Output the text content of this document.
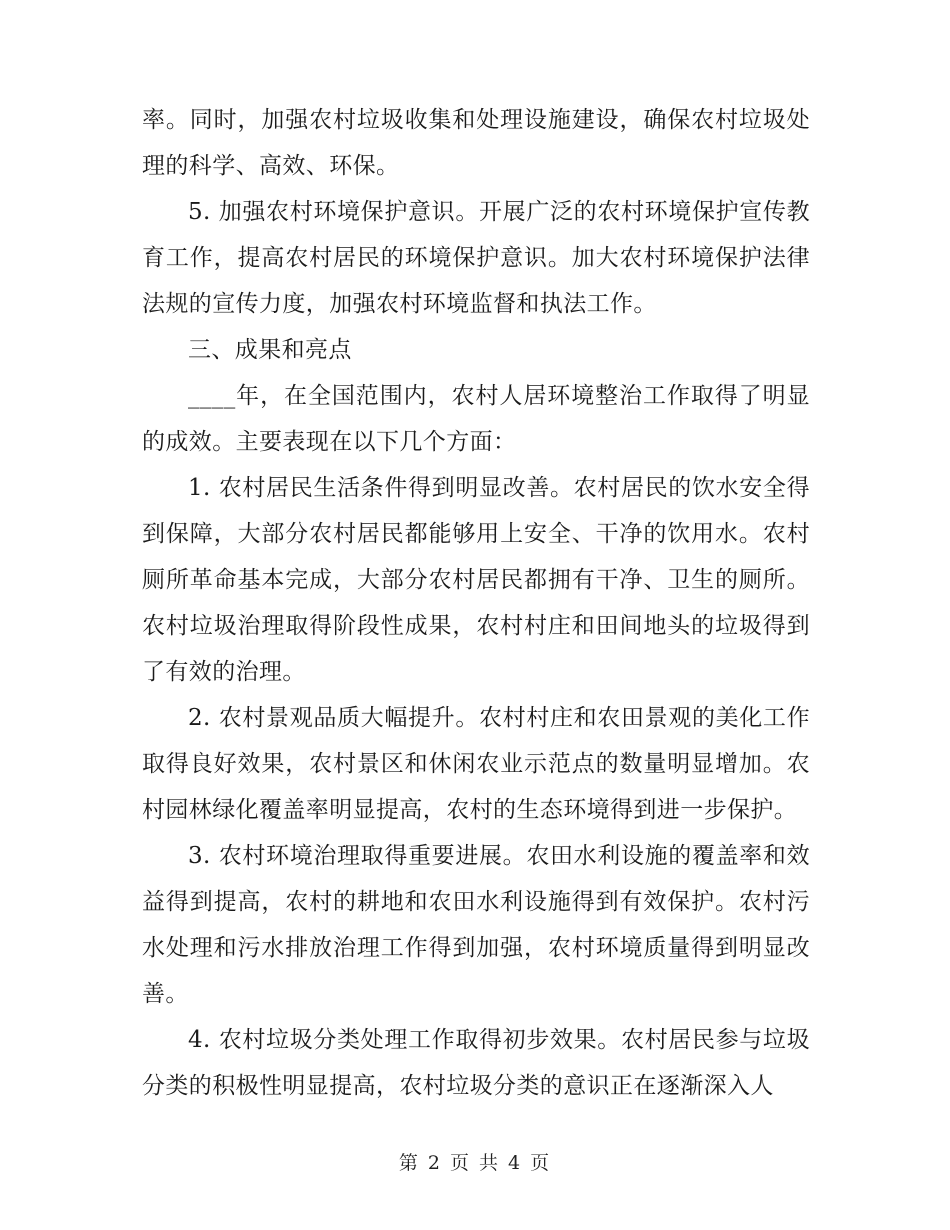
率。同时，加强农村垃圾收集和处理设施建设，确保农村垃圾处理的科学、高效、环保。

5. 加强农村环境保护意识。开展广泛的农村环境保护宣传教育工作，提高农村居民的环境保护意识。加大农村环境保护法律法规的宣传力度，加强农村环境监督和执法工作。

三、成果和亮点

____年，在全国范围内，农村人居环境整治工作取得了明显的成效。主要表现在以下几个方面：

1. 农村居民生活条件得到明显改善。农村居民的饮水安全得到保障，大部分农村居民都能够用上安全、干净的饮用水。农村厕所革命基本完成，大部分农村居民都拥有干净、卫生的厕所。农村垃圾治理取得阶段性成果，农村村庄和田间地头的垃圾得到了有效的治理。

2. 农村景观品质大幅提升。农村村庄和农田景观的美化工作取得良好效果，农村景区和休闲农业示范点的数量明显增加。农村园林绿化覆盖率明显提高，农村的生态环境得到进一步保护。

3. 农村环境治理取得重要进展。农田水利设施的覆盖率和效益得到提高，农村的耕地和农田水利设施得到有效保护。农村污水处理和污水排放治理工作得到加强，农村环境质量得到明显改善。

4. 农村垃圾分类处理工作取得初步效果。农村居民参与垃圾分类的积极性明显提高，农村垃圾分类的意识正在逐渐深入人

第 2 页 共 4 页
